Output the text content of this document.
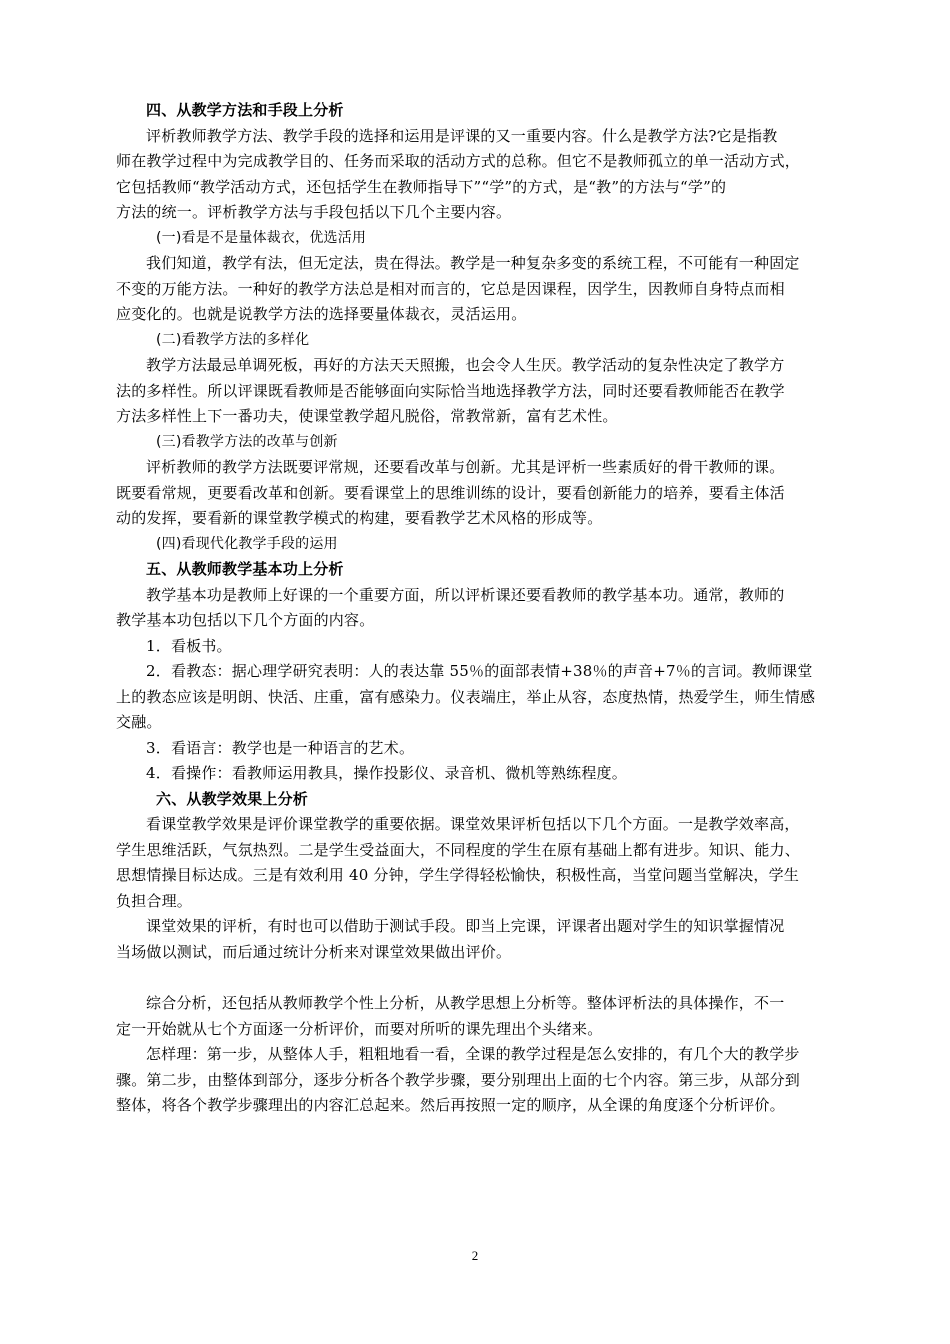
四、从教学方法和手段上分析
评析教师教学方法、教学手段的选择和运用是评课的又一重要内容。什么是教学方法?它是指教
师在教学过程中为完成教学目的、任务而采取的活动方式的总称。但它不是教师孤立的单一活动方式，
它包括教师“教学活动方式，还包括学生在教师指导下”“学”的方式，是“教”的方法与“学”的
方法的统一。评析教学方法与手段包括以下几个主要内容。
(一)看是不是量体裁衣，优选活用
我们知道，教学有法，但无定法，贵在得法。教学是一种复杂多变的系统工程，不可能有一种固定
不变的万能方法。一种好的教学方法总是相对而言的，它总是因课程，因学生，因教师自身特点而相
应变化的。也就是说教学方法的选择要量体裁衣，灵活运用。
(二)看教学方法的多样化
教学方法最忌单调死板，再好的方法天天照搬，也会令人生厌。教学活动的复杂性决定了教学方
法的多样性。所以评课既看教师是否能够面向实际恰当地选择教学方法，同时还要看教师能否在教学
方法多样性上下一番功夫，使课堂教学超凡脱俗，常教常新，富有艺术性。
(三)看教学方法的改革与创新
评析教师的教学方法既要评常规，还要看改革与创新。尤其是评析一些素质好的骨干教师的课。
既要看常规，更要看改革和创新。要看课堂上的思维训练的设计，要看创新能力的培养，要看主体活
动的发挥，要看新的课堂教学模式的构建，要看教学艺术风格的形成等。
(四)看现代化教学手段的运用
五、从教师教学基本功上分析
教学基本功是教师上好课的一个重要方面，所以评析课还要看教师的教学基本功。通常，教师的
教学基本功包括以下几个方面的内容。
1．看板书。
2．看教态：据心理学研究表明：人的表达靠 55％的面部表情+38％的声音+7％的言词。教师课堂
上的教态应该是明朗、快活、庄重，富有感染力。仪表端庄，举止从容，态度热情，热爱学生，师生情感
交融。
3．看语言：教学也是一种语言的艺术。
4．看操作：看教师运用教具，操作投影仪、录音机、微机等熟练程度。
六、从教学效果上分析
看课堂教学效果是评价课堂教学的重要依据。课堂效果评析包括以下几个方面。一是教学效率高，
学生思维活跃，气氛热烈。二是学生受益面大，不同程度的学生在原有基础上都有进步。知识、能力、
思想情操目标达成。三是有效利用 40 分钟，学生学得轻松愉快，积极性高，当堂问题当堂解决，学生
负担合理。
课堂效果的评析，有时也可以借助于测试手段。即当上完课，评课者出题对学生的知识掌握情况
当场做以测试，而后通过统计分析来对课堂效果做出评价。
综合分析，还包括从教师教学个性上分析，从教学思想上分析等。整体评析法的具体操作，不一
定一开始就从七个方面逐一分析评价，而要对所听的课先理出个头绪来。
怎样理：第一步，从整体人手，粗粗地看一看，全课的教学过程是怎么安排的，有几个大的教学步
骤。第二步，由整体到部分，逐步分析各个教学步骤，要分别理出上面的七个内容。第三步，从部分到
整体，将各个教学步骤理出的内容汇总起来。然后再按照一定的顺序，从全课的角度逐个分析评价。
2
